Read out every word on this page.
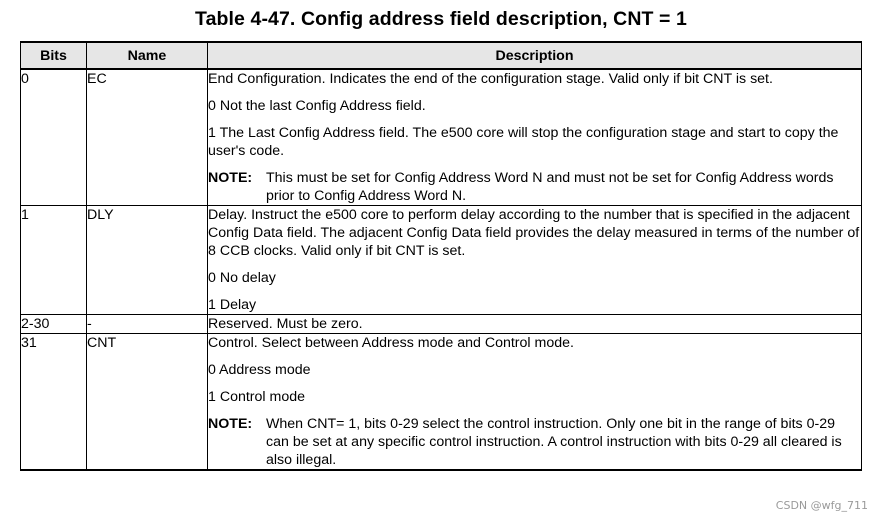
Table 4-47. Config address field description, CNT = 1
Bits	Name	Description
0	EC	End Configuration. Indicates the end of the configuration stage. Valid only if bit CNT is set.

0 Not the last Config Address field.

1 The Last Config Address field. The e500 core will stop the configuration stage and start to copy the user's code.

NOTE: This must be set for Config Address Word N and must not be set for Config Address words prior to Config Address Word N.

1	DLY	Delay. Instruct the e500 core to perform delay according to the number that is specified in the adjacent Config Data field. The adjacent Config Data field provides the delay measured in terms of the number of 8 CCB clocks. Valid only if bit CNT is set.

0 No delay

1 Delay

2-30	-	Reserved. Must be zero.

31	CNT	Control. Select between Address mode and Control mode.

0 Address mode

1 Control mode

NOTE: When CNT= 1, bits 0-29 select the control instruction. Only one bit in the range of bits 0-29 can be set at any specific control instruction. A control instruction with bits 0-29 all cleared is also illegal.
CSDN @wfg_711
